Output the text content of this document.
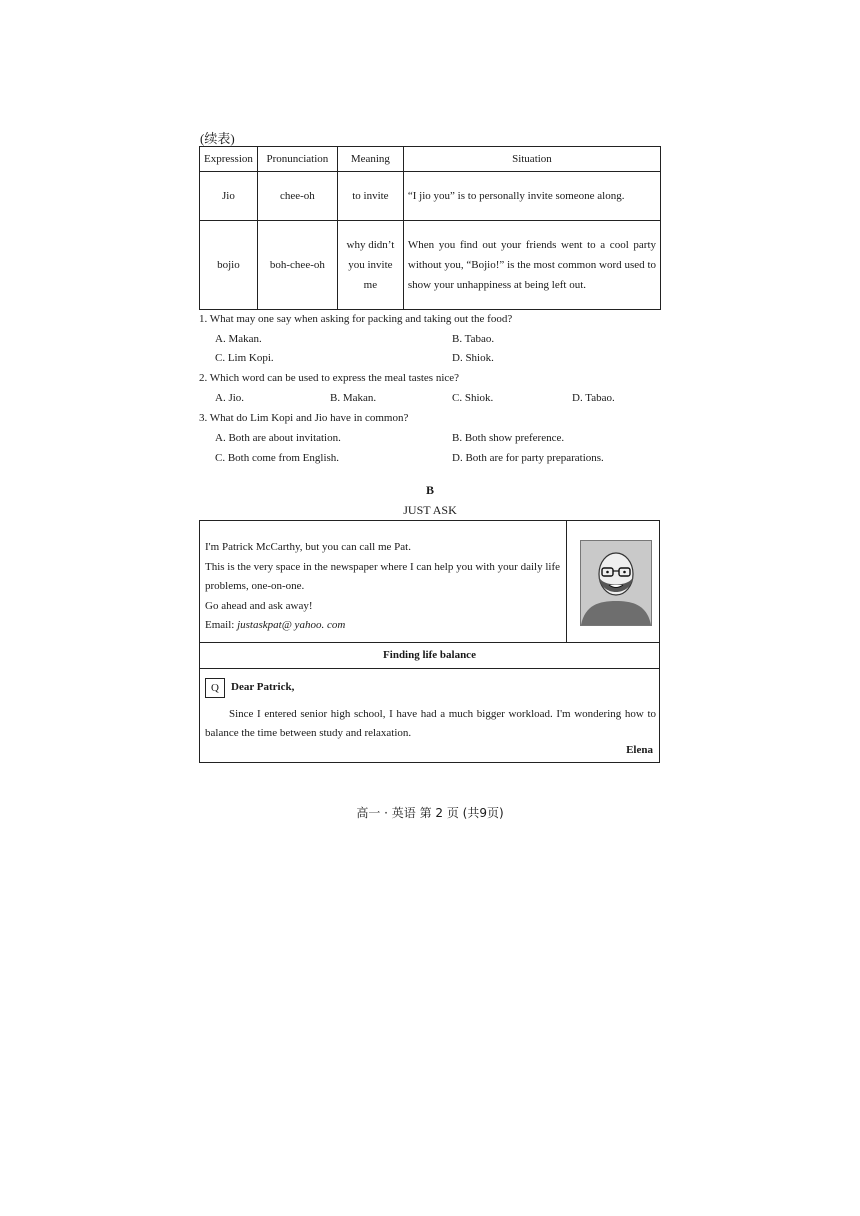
(续表)
Expression	Pronunciation	Meaning	Situation
Jio	chee-oh	to invite	“I jio you” is to personally invite someone along.
bojio	boh-chee-oh	why didn’t you invite me	When you find out your friends went to a cool party without you, “Bojio!” is the most common word used to show your unhappiness at being left out.
1. What may one say when asking for packing and taking out the food?
A. Makan.	B. Tabao.
C. Lim Kopi.	D. Shiok.
2. Which word can be used to express the meal tastes nice?
A. Jio.	B. Makan.	C. Shiok.	D. Tabao.
3. What do Lim Kopi and Jio have in common?
A. Both are about invitation.	B. Both show preference.
C. Both come from English.	D. Both are for party preparations.
B
JUST ASK

I'm Patrick McCarthy, but you can call me Pat.

This is the very space in the newspaper where I can help you with your daily life problems, one-on-one.

Go ahead and ask away!

Email: justaskpat@ yahoo. com

Finding life balance
Q	Dear Patrick,

Since I entered senior high school, I have had a much bigger workload. I'm wondering how to balance the time between study and relaxation.

Elena
高一 · 英语 第 2 页 (共9页)
